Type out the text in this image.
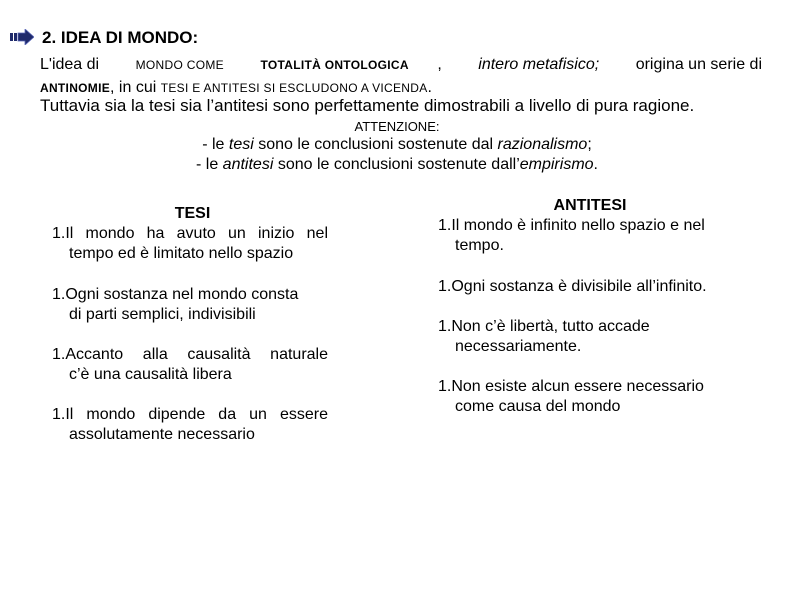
2. IDEA DI MONDO:
L'idea di	MONDO COME	TOTALITÀ ONTOLOGICA , intero metafisico; origina un serie di
ANTINOMIE, in cui TESI E ANTITESI SI ESCLUDONO A VICENDA.
Tuttavia sia la tesi sia l’antitesi sono perfettamente dimostrabili a livello di pura ragione.
ATTENZIONE:
- le tesi sono le conclusioni sostenute dal razionalismo;
- le antitesi sono le conclusioni sostenute dall’empirismo.
TESI
1.Il mondo ha avuto un inizio nel
tempo ed è limitato nello spazio
1.Ogni sostanza nel mondo consta
di parti semplici, indivisibili
1.Accanto alla causalità naturale
c’è una causalità libera
1.Il mondo dipende da un essere
assolutamente necessario
ANTITESI
1.Il mondo è infinito nello spazio e nel
tempo.
1.Ogni sostanza è divisibile all’infinito.
1.Non c’è libertà, tutto accade
necessariamente.
1.Non esiste alcun essere necessario
come causa del mondo
